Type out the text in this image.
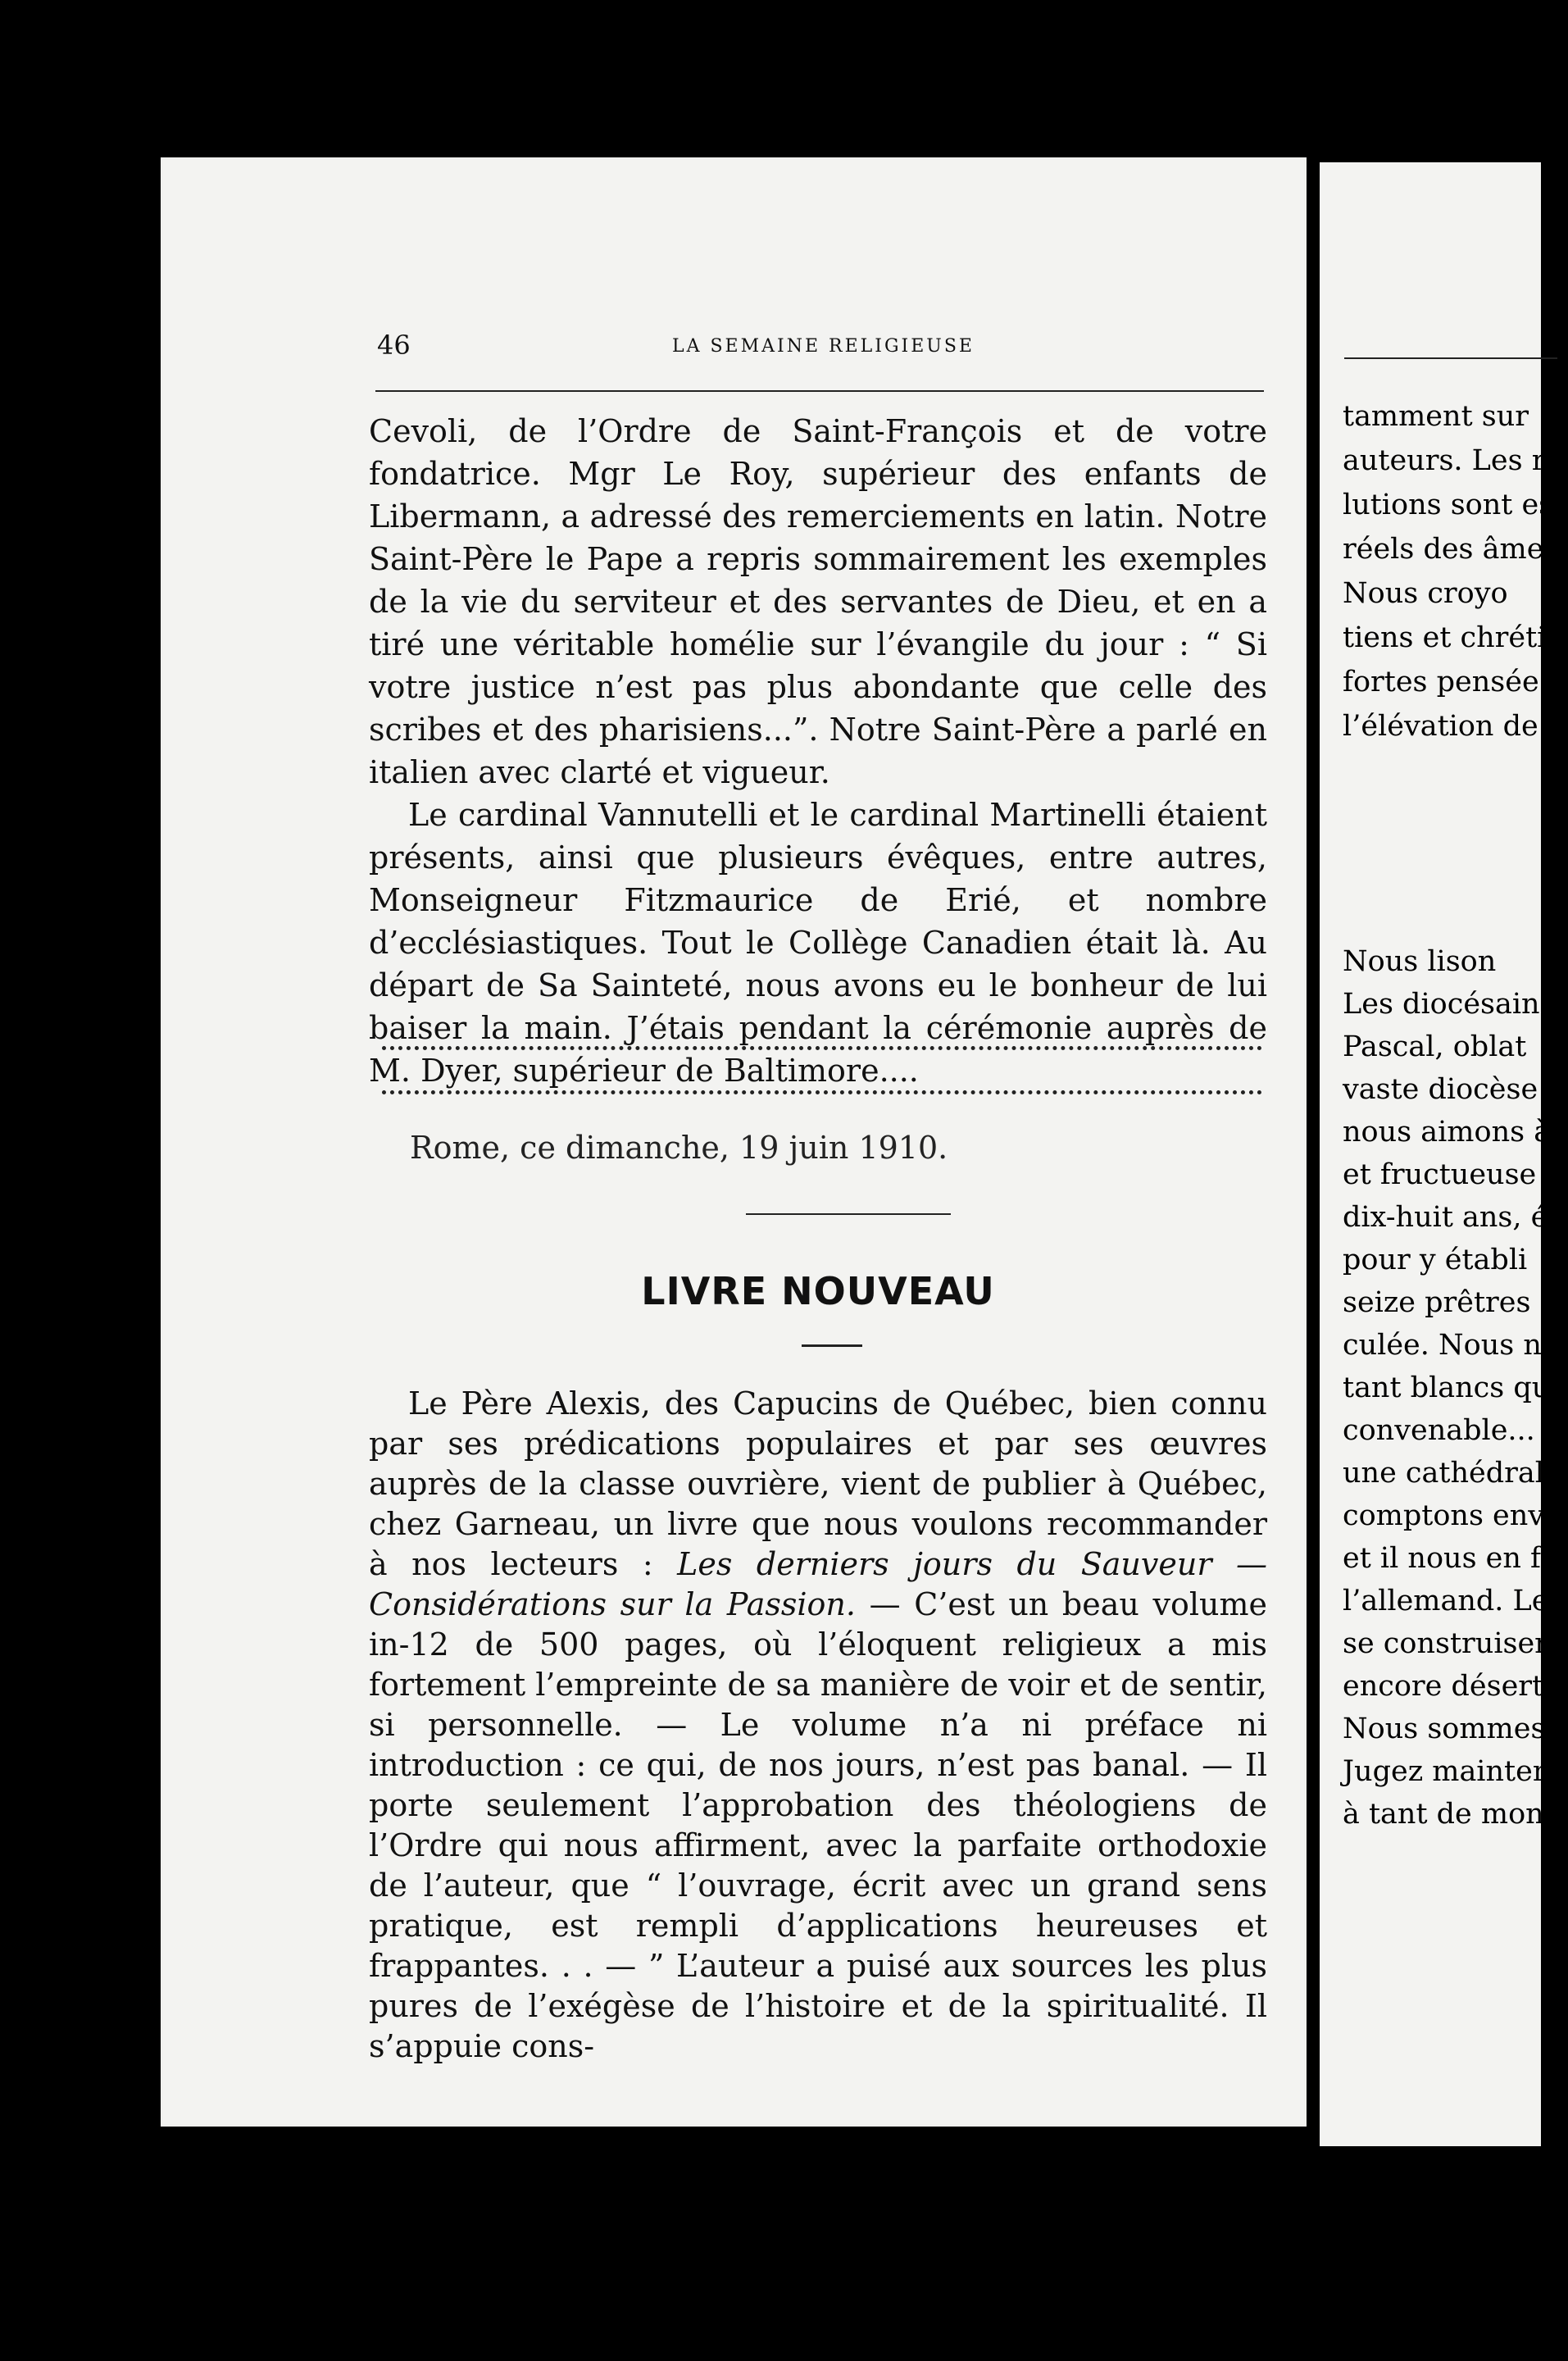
tamment sur
auteurs. Les r
lutions sont es
réels des âmes
Nous croyo
tiens et chréti
fortes pensée
l’élévation de
Nous lison
Les diocésain
Pascal, oblat
vaste diocèse d
nous aimons à
et fructueuse e
dix-huit ans, é
pour y établi
seize prêtres c
culée. Nous n’a
tant blancs qu’
convenable... I
une cathédrale
comptons envi
et il nous en f
l’allemand. Le
se construisent
encore désert.
Nous sommes
Jugez mainten
à tant de mond
46	LA SEMAINE RELIGIEUSE

Cevoli, de l’Ordre de Saint-François et de votre fondatrice. Mgr Le Roy, supérieur des enfants de Libermann, a adressé des remerciements en latin. Notre Saint-Père le Pape a repris sommairement les exemples de la vie du serviteur et des servantes de Dieu, et en a tiré une véritable homélie sur l’évangile du jour : “ Si votre justice n’est pas plus abondante que celle des scribes et des pharisiens...”. Notre Saint-Père a parlé en italien avec clarté et vigueur.

Le cardinal Vannutelli et le cardinal Martinelli étaient présents, ainsi que plusieurs évêques, entre autres, Monseigneur Fitzmaurice de Erié, et nombre d’ecclésiastiques. Tout le Collège Canadien était là. Au départ de Sa Sainteté, nous avons eu le bonheur de lui baiser la main. J’étais pendant la cérémonie auprès de M. Dyer, supérieur de Baltimore....

Rome, ce dimanche, 19 juin 1910.
LIVRE NOUVEAU

Le Père Alexis, des Capucins de Québec, bien connu par ses prédications populaires et par ses œuvres auprès de la classe ouvrière, vient de publier à Québec, chez Garneau, un livre que nous voulons recommander à nos lecteurs : Les derniers jours du Sauveur — Considérations sur la Passion. — C’est un beau volume in-12 de 500 pages, où l’éloquent religieux a mis fortement l’empreinte de sa manière de voir et de sentir, si personnelle. — Le volume n’a ni préface ni introduction : ce qui, de nos jours, n’est pas banal. — Il porte seulement l’approbation des théologiens de l’Ordre qui nous affirment, avec la parfaite orthodoxie de l’auteur, que “ l’ouvrage, écrit avec un grand sens pratique, est rempli d’applications heureuses et frappantes. . . — ” L’auteur a puisé aux sources les plus pures de l’exégèse de l’histoire et de la spiritualité. Il s’appuie cons-
